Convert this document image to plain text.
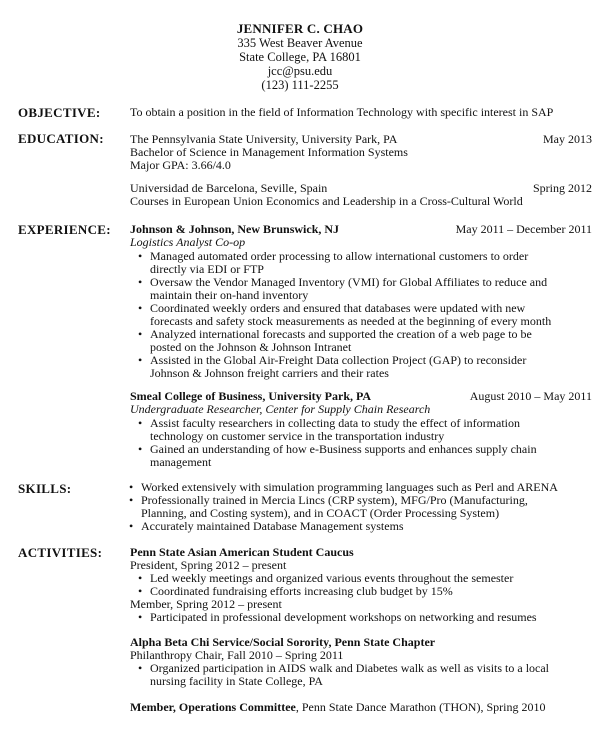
JENNIFER C. CHAO
335 West Beaver Avenue
State College, PA 16801
jcc@psu.edu
(123) 111-2255
OBJECTIVE: To obtain a position in the field of Information Technology with specific interest in SAP
EDUCATION: The Pennsylvania State University, University Park, PA	May 2013
Bachelor of Science in Management Information Systems
Major GPA: 3.66/4.0
Universidad de Barcelona, Seville, Spain	Spring 2012
Courses in European Union Economics and Leadership in a Cross-Cultural World
EXPERIENCE: Johnson & Johnson, New Brunswick, NJ	May 2011 – December 2011
Logistics Analyst Co-op
• Managed automated order processing to allow international customers to order
directly via EDI or FTP
• Oversaw the Vendor Managed Inventory (VMI) for Global Affiliates to reduce and
maintain their on-hand inventory
• Coordinated weekly orders and ensured that databases were updated with new
forecasts and safety stock measurements as needed at the beginning of every month
• Analyzed international forecasts and supported the creation of a web page to be
posted on the Johnson & Johnson Intranet
• Assisted in the Global Air-Freight Data collection Project (GAP) to reconsider
Johnson & Johnson freight carriers and their rates
Smeal College of Business, University Park, PA	August 2010 – May 2011
Undergraduate Researcher, Center for Supply Chain Research
• Assist faculty researchers in collecting data to study the effect of information
technology on customer service in the transportation industry
• Gained an understanding of how e-Business supports and enhances supply chain
management
SKILLS:	• Worked extensively with simulation programming languages such as Perl and ARENA
• Professionally trained in Mercia Lincs (CRP system), MFG/Pro (Manufacturing,
Planning, and Costing system), and in COACT (Order Processing System)
• Accurately maintained Database Management systems
ACTIVITIES: Penn State Asian American Student Caucus
President, Spring 2012 – present
• Led weekly meetings and organized various events throughout the semester
• Coordinated fundraising efforts increasing club budget by 15%
Member, Spring 2012 – present
• Participated in professional development workshops on networking and resumes
Alpha Beta Chi Service/Social Sorority, Penn State Chapter
Philanthropy Chair, Fall 2010 – Spring 2011
• Organized participation in AIDS walk and Diabetes walk as well as visits to a local
nursing facility in State College, PA
Member, Operations Committee, Penn State Dance Marathon (THON), Spring 2010
